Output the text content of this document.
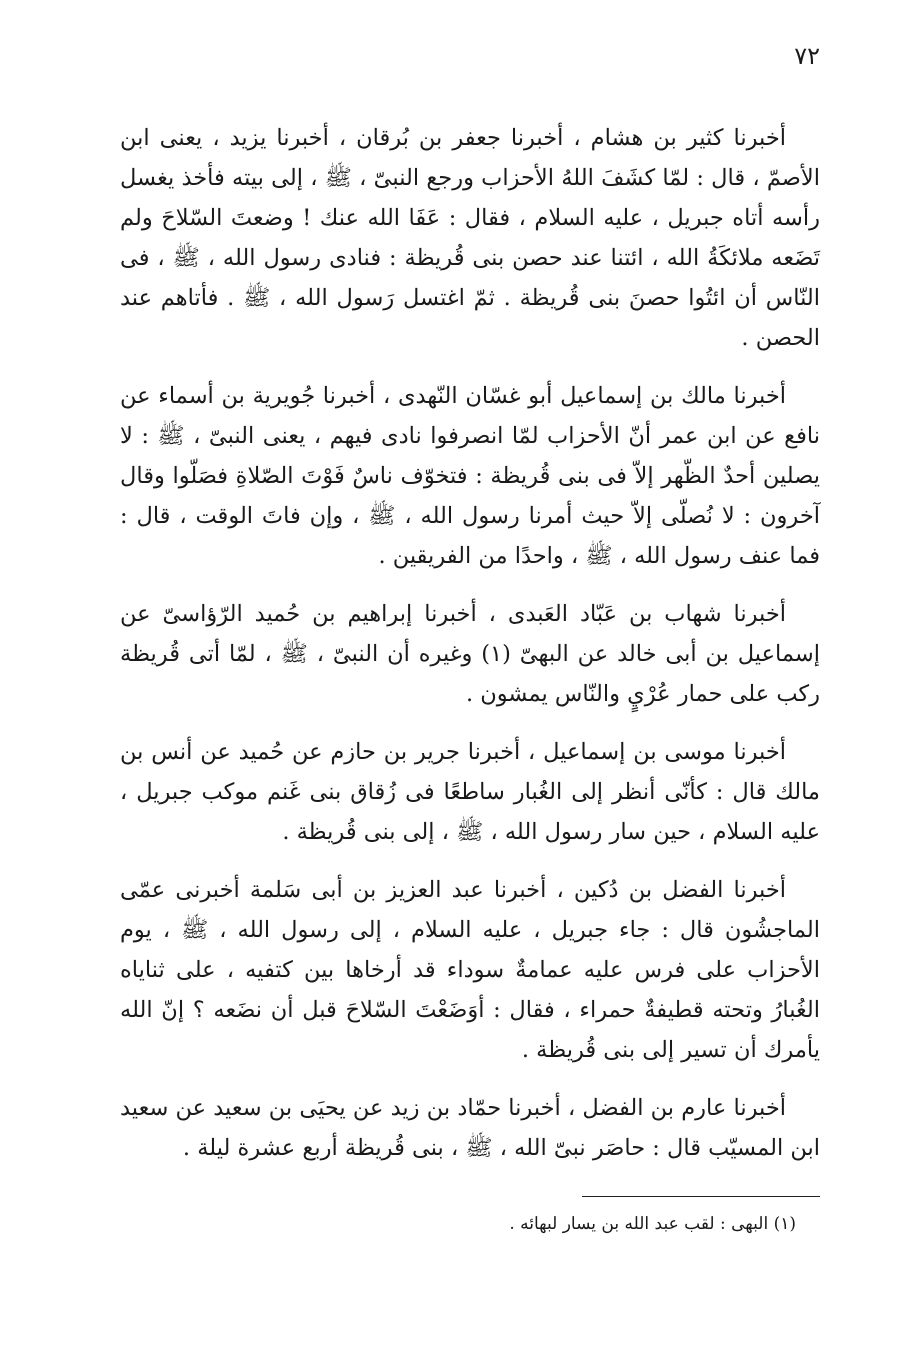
٧٢

أخبرنا كثير بن هشام ، أخبرنا جعفر بن بُرقان ، أخبرنا يزيد ، يعنى ابن الأصمّ ، قال : لمّا كشَفَ اللهُ الأحزاب ورجع النبىّ ، ﷺ ، إلى بيته فأخذ يغسل رأسه أتاه جبريل ، عليه السلام ، فقال : عَفَا الله عنك ! وضعتَ السّلاحَ ولم تَضَعه ملائكَةُ الله ، ائتنا عند حصن بنى قُريظة : فنادى رسول الله ، ﷺ ، فى النّاس أن ائتُوا حصنَ بنى قُريظة . ثمّ اغتسل رَسول الله ، ﷺ . فأتاهم عند الحصن .

أخبرنا مالك بن إسماعيل أبو غسّان النّهدى ، أخبرنا جُويرية بن أسماء عن نافع عن ابن عمر أنّ الأحزاب لمّا انصرفوا نادى فيهم ، يعنى النبىّ ، ﷺ : لا يصلين أحدٌ الظّهر إلاّ فى بنى قُريظة : فتخوّف ناسٌ فَوْتَ الصّلاةِ فصَلّوا وقال آخرون : لا نُصلّى إلاّ حيث أمرنا رسول الله ، ﷺ ، وإن فاتَ الوقت ، قال : فما عنف رسول الله ، ﷺ ، واحدًا من الفريقين .

أخبرنا شهاب بن عَبّاد العَبدى ، أخبرنا إبراهيم بن حُميد الرّؤاسىّ عن إسماعيل بن أبى خالد عن البهىّ (١) وغيره أن النبىّ ، ﷺ ، لمّا أتى قُريظة ركب على حمار عُرْيٍ والنّاس يمشون .

أخبرنا موسى بن إسماعيل ، أخبرنا جرير بن حازم عن حُميد عن أنس بن مالك قال : كأنّى أنظر إلى الغُبار ساطعًا فى زُقاق بنى غَنم موكب جبريل ، عليه السلام ، حين سار رسول الله ، ﷺ ، إلى بنى قُريظة .

أخبرنا الفضل بن دُكين ، أخبرنا عبد العزيز بن أبى سَلمة أخبرنى عمّى الماجشُون قال : جاء جبريل ، عليه السلام ، إلى رسول الله ، ﷺ ، يوم الأحزاب على فرس عليه عمامةٌ سوداء قد أرخاها بين كتفيه ، على ثناياه الغُبارُ وتحته قطيفةٌ حمراء ، فقال : أوَضَعْتَ السّلاحَ قبل أن نضَعه ؟ إنّ الله يأمرك أن تسير إلى بنى قُريظة .

أخبرنا عارم بن الفضل ، أخبرنا حمّاد بن زيد عن يحيَى بن سعيد عن سعيد ابن المسيّب قال : حاصَر نبىّ الله ، ﷺ ، بنى قُريظة أربع عشرة ليلة .

(١) البهى : لقب عبد الله بن يسار لبهائه .
